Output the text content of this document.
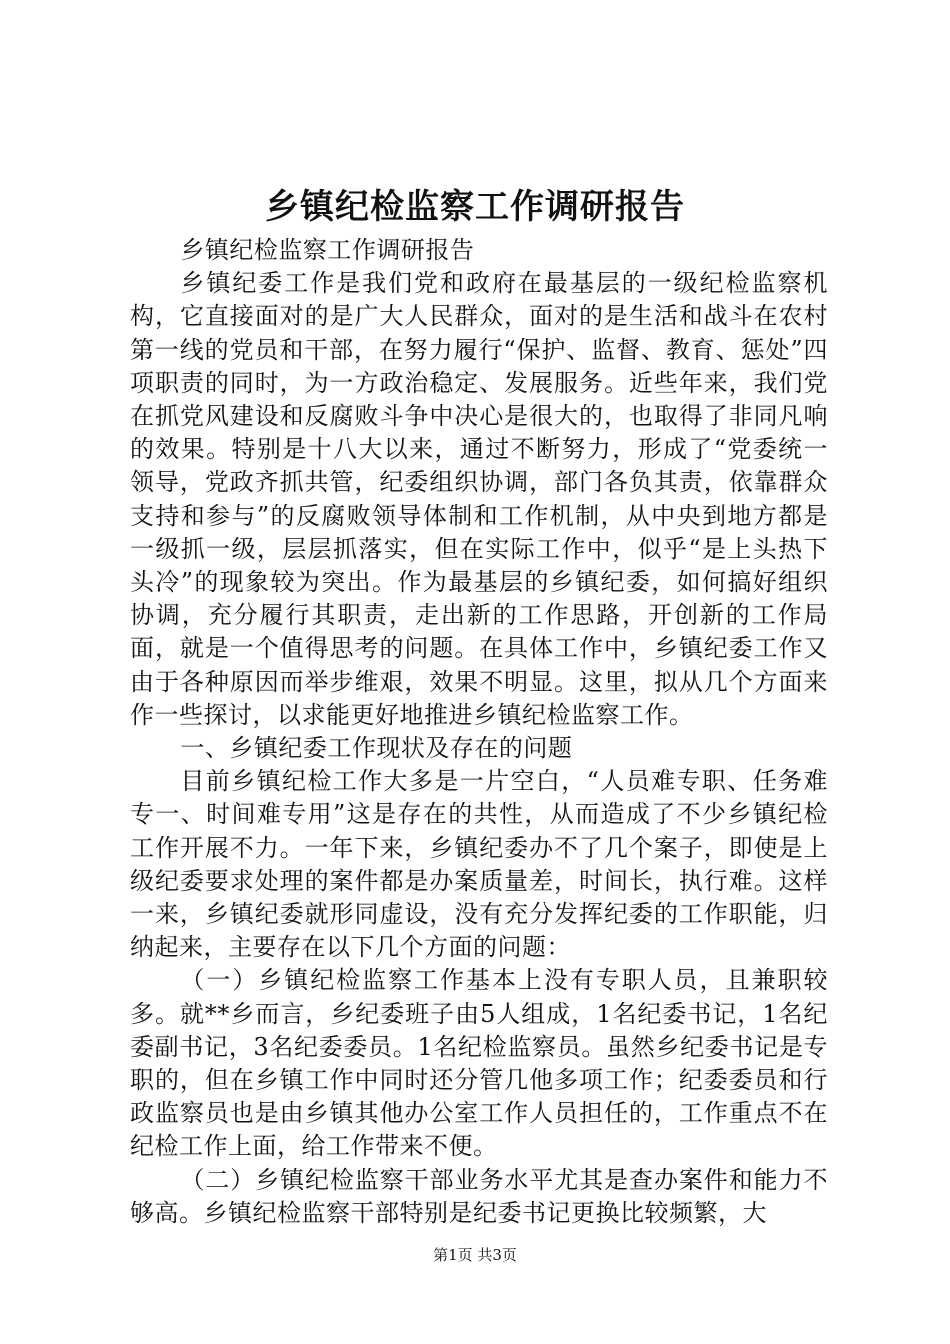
乡镇纪检监察工作调研报告

乡镇纪检监察工作调研报告

乡镇纪委工作是我们党和政府在最基层的一级纪检监察机构，它直接面对的是广大人民群众，面对的是生活和战斗在农村第一线的党员和干部，在努力履行“保护、监督、教育、惩处”四项职责的同时，为一方政治稳定、发展服务。近些年来，我们党在抓党风建设和反腐败斗争中决心是很大的，也取得了非同凡响的效果。特别是十八大以来，通过不断努力，形成了“党委统一领导，党政齐抓共管，纪委组织协调，部门各负其责，依靠群众支持和参与”的反腐败领导体制和工作机制，从中央到地方都是一级抓一级，层层抓落实，但在实际工作中，似乎“是上头热下头冷”的现象较为突出。作为最基层的乡镇纪委，如何搞好组织协调，充分履行其职责，走出新的工作思路，开创新的工作局面，就是一个值得思考的问题。在具体工作中，乡镇纪委工作又由于各种原因而举步维艰，效果不明显。这里，拟从几个方面来作一些探讨，以求能更好地推进乡镇纪检监察工作。

一、乡镇纪委工作现状及存在的问题

目前乡镇纪检工作大多是一片空白，“人员难专职、任务难专一、时间难专用”这是存在的共性，从而造成了不少乡镇纪检工作开展不力。一年下来，乡镇纪委办不了几个案子，即使是上级纪委要求处理的案件都是办案质量差，时间长，执行难。这样一来，乡镇纪委就形同虚设，没有充分发挥纪委的工作职能，归纳起来，主要存在以下几个方面的问题：

（一）乡镇纪检监察工作基本上没有专职人员，且兼职较多。就**乡而言，乡纪委班子由5人组成，1名纪委书记，1名纪委副书记，3名纪委委员。1名纪检监察员。虽然乡纪委书记是专职的，但在乡镇工作中同时还分管几他多项工作；纪委委员和行政监察员也是由乡镇其他办公室工作人员担任的，工作重点不在纪检工作上面，给工作带来不便。

（二）乡镇纪检监察干部业务水平尤其是查办案件和能力不够高。乡镇纪检监察干部特别是纪委书记更换比较频繁，大

第1页 共3页
